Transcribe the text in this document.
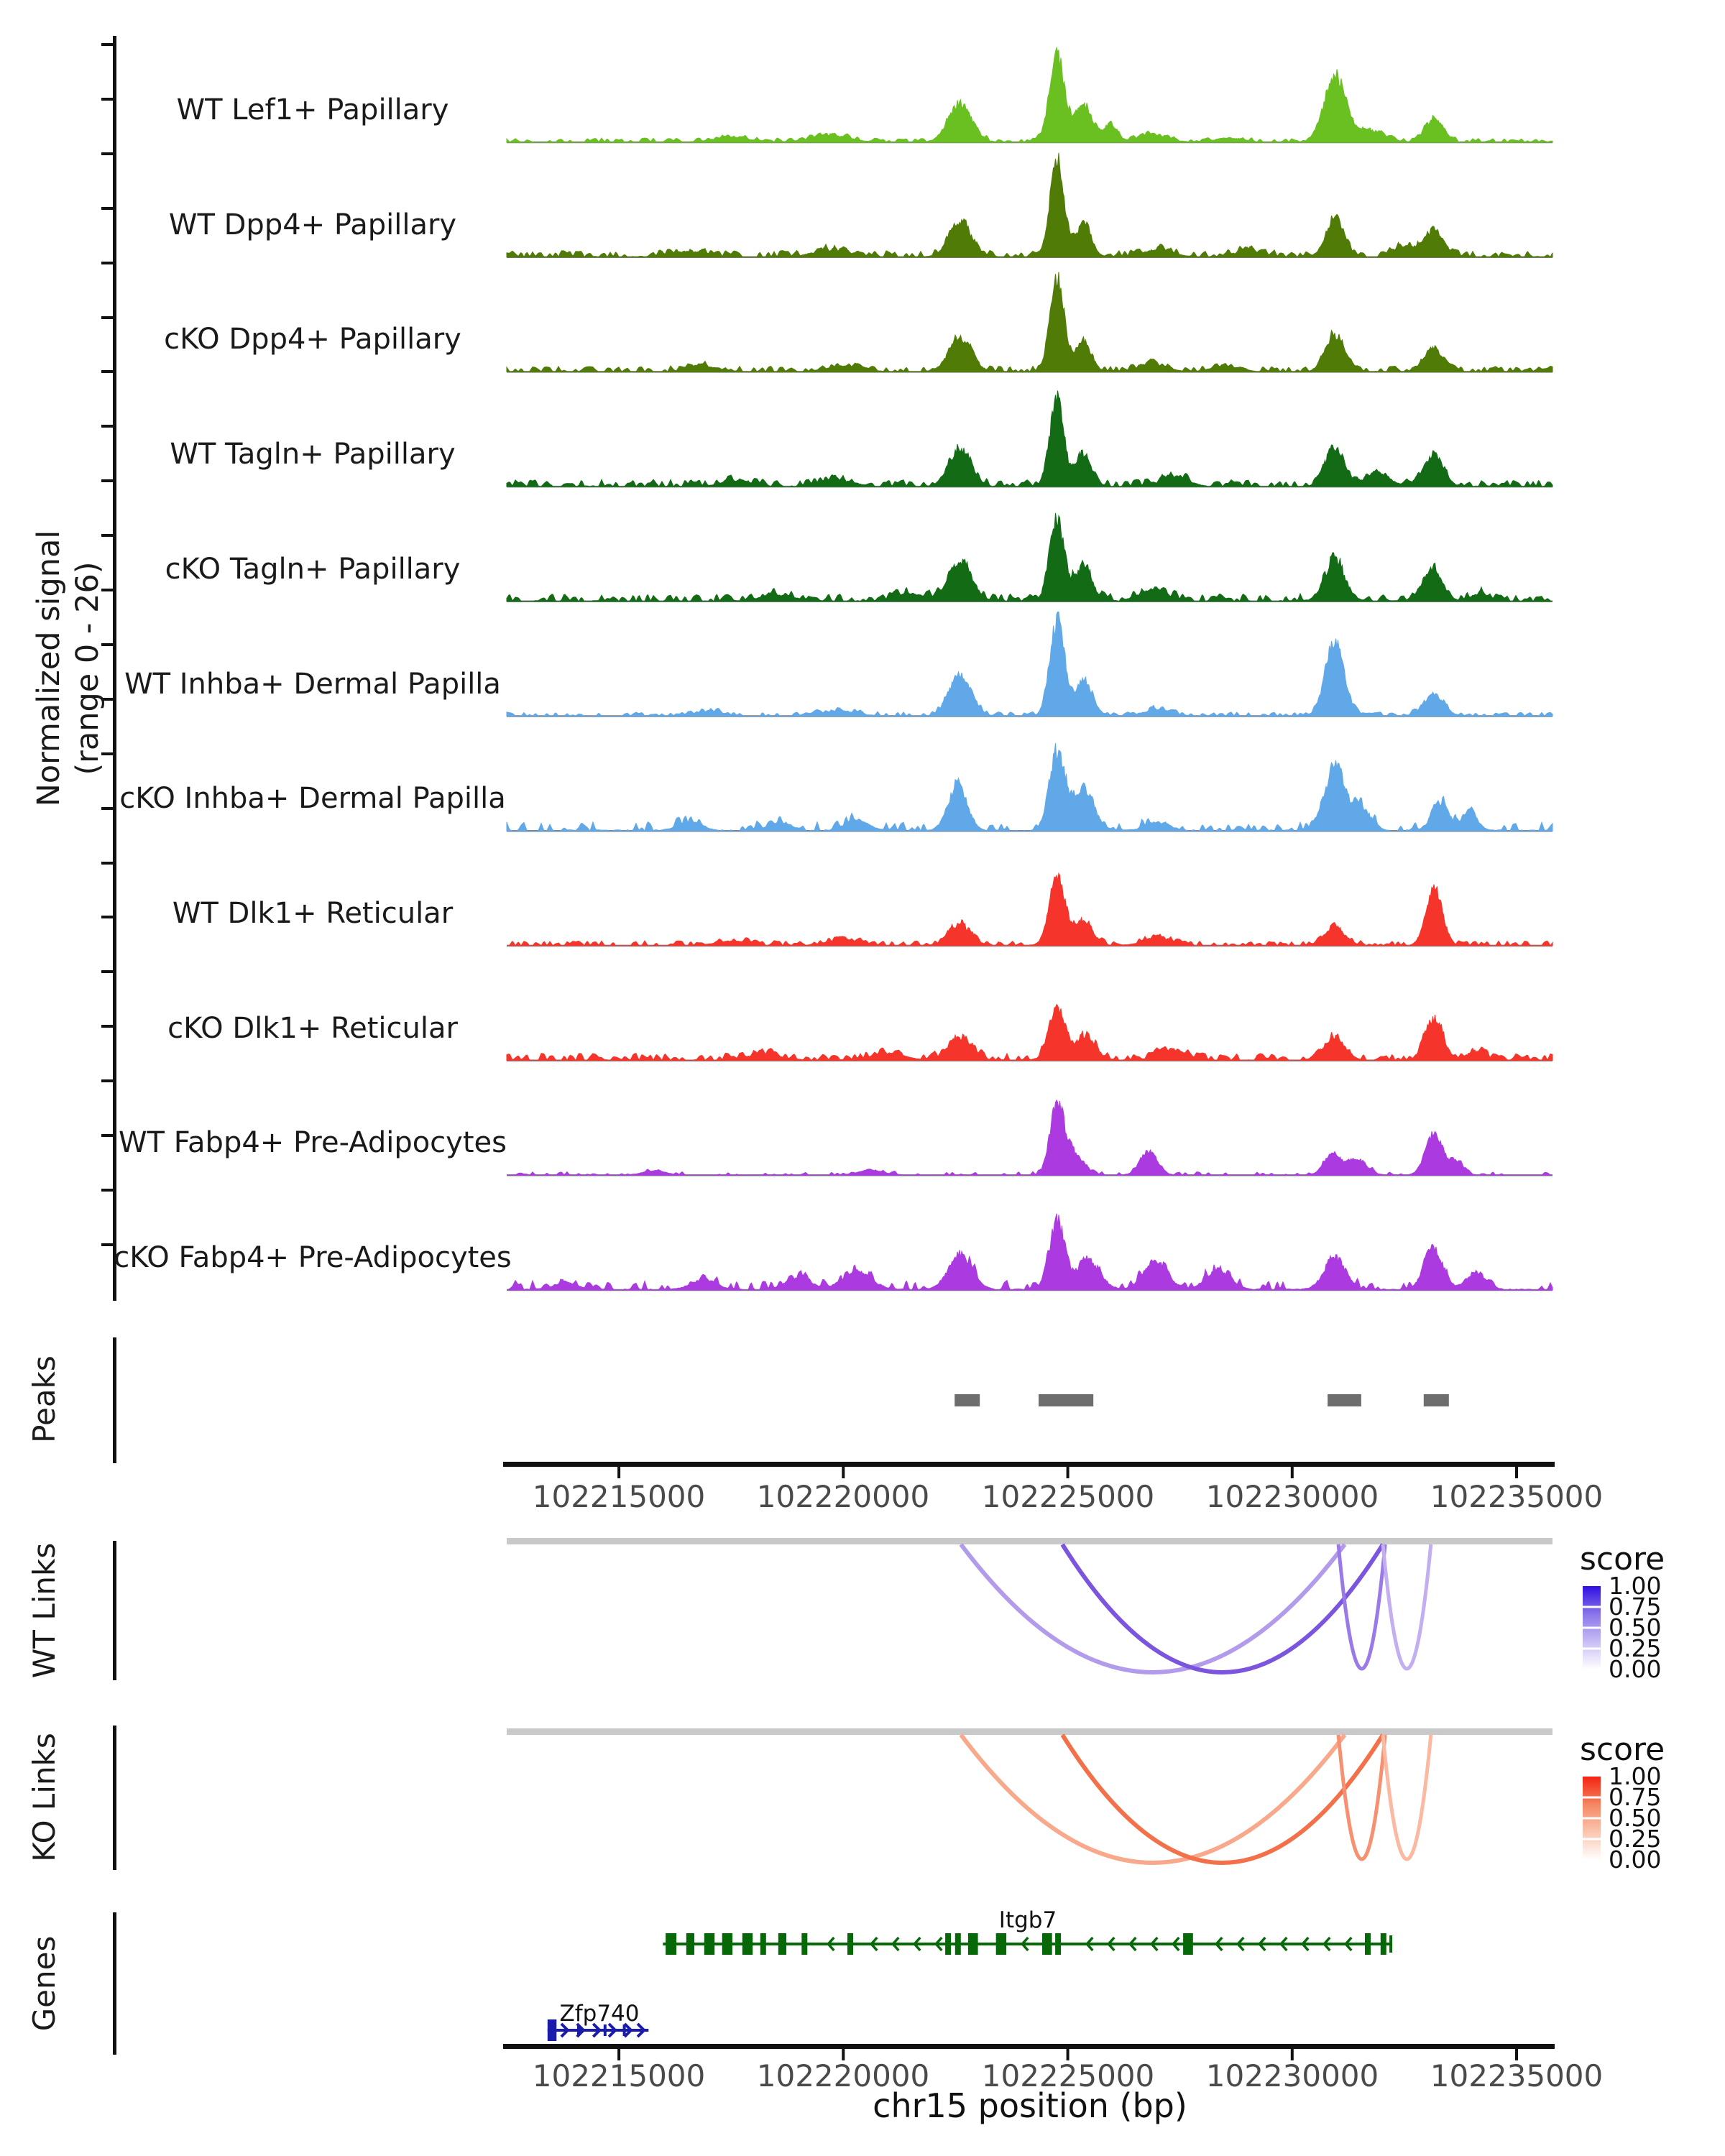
Normalized signal (range 0 - 26)
Peaks
WT Links
KO Links
Genes
score
score
Itgb7
Zfp740
chr15 position (bp)
WT Lef1+ Papillary
WT Dpp4+ Papillary
cKO Dpp4+ Papillary
WT Tagln+ Papillary
cKO Tagln+ Papillary
WT Inhba+ Dermal Papilla
cKO Inhba+ Dermal Papilla
WT Dlk1+ Reticular
cKO Dlk1+ Reticular
WT Fabp4+ Pre-Adipocytes
cKO Fabp4+ Pre-Adipocytes
102215000	102220000	102225000	102230000	102235000
102215000	102220000	102225000	102230000	102235000
1.00
0.75
0.50
0.25
0.00
1.00
0.75
0.50
0.25
0.00
